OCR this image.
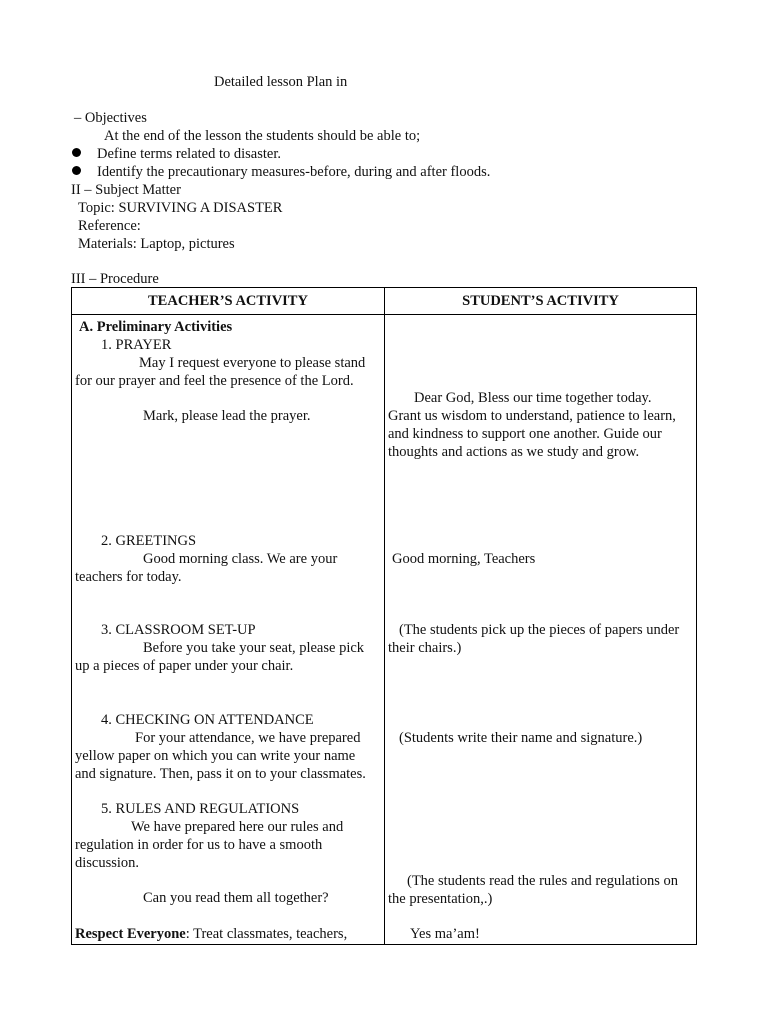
Detailed lesson Plan in
– Objectives
At the end of the lesson the students should be able to;
Define terms related to disaster.
Identify the precautionary measures-before, during and after floods.
II – Subject Matter
Topic: SURVIVING A DISASTER
Reference:
Materials: Laptop, pictures
III – Procedure
TEACHER’S ACTIVITY	STUDENT’S ACTIVITY
A. Preliminary Activities
1. PRAYER
May I request everyone to please stand
for our prayer and feel the presence of the Lord.
Mark, please lead the prayer.
2. GREETINGS
Good morning class. We are your
teachers for today.
3. CLASSROOM SET-UP
Before you take your seat, please pick
up a pieces of paper under your chair.
4. CHECKING ON ATTENDANCE
For your attendance, we have prepared
yellow paper on which you can write your name
and signature. Then, pass it on to your classmates.
5. RULES AND REGULATIONS
We have prepared here our rules and
regulation in order for us to have a smooth
discussion.
Can you read them all together?
Respect Everyone: Treat classmates, teachers,
Dear God, Bless our time together today.
Grant us wisdom to understand, patience to learn,
and kindness to support one another. Guide our
thoughts and actions as we study and grow.
Good morning, Teachers
(The students pick up the pieces of papers under
their chairs.)
(Students write their name and signature.)
(The students read the rules and regulations on
the presentation,.)
Yes ma’am!
